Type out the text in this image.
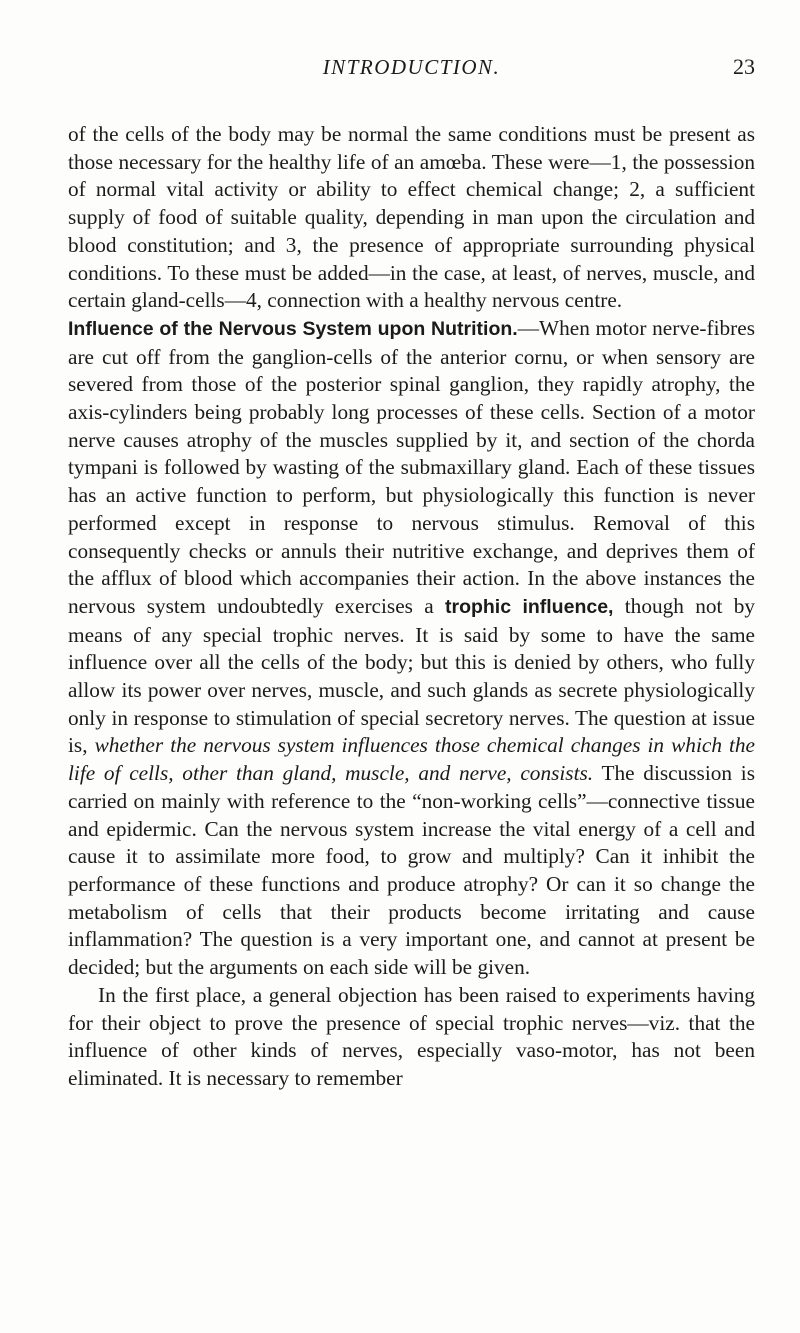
INTRODUCTION.	23

of the cells of the body may be normal the same conditions must be present as those necessary for the healthy life of an amœba. These were—1, the possession of normal vital activity or ability to effect chemical change; 2, a sufficient supply of food of suitable quality, depending in man upon the circulation and blood constitution; and 3, the presence of appropriate surrounding physical conditions. To these must be added—in the case, at least, of nerves, muscle, and certain gland-cells—4, connection with a healthy nervous centre.

Influence of the Nervous System upon Nutrition.—When motor nerve-fibres are cut off from the ganglion-cells of the anterior cornu, or when sensory are severed from those of the posterior spinal ganglion, they rapidly atrophy, the axis-cylinders being probably long processes of these cells. Section of a motor nerve causes atrophy of the muscles supplied by it, and section of the chorda tympani is followed by wasting of the submaxillary gland. Each of these tissues has an active function to perform, but physiologically this function is never performed except in response to nervous stimulus. Removal of this consequently checks or annuls their nutritive exchange, and deprives them of the afflux of blood which accompanies their action. In the above instances the nervous system undoubtedly exercises a trophic influence, though not by means of any special trophic nerves. It is said by some to have the same influence over all the cells of the body; but this is denied by others, who fully allow its power over nerves, muscle, and such glands as secrete physiologically only in response to stimulation of special secretory nerves. The question at issue is, whether the nervous system influences those chemical changes in which the life of cells, other than gland, muscle, and nerve, consists. The discussion is carried on mainly with reference to the “non-working cells”—connective tissue and epidermic. Can the nervous system increase the vital energy of a cell and cause it to assimilate more food, to grow and multiply? Can it inhibit the performance of these functions and produce atrophy? Or can it so change the metabolism of cells that their products become irritating and cause inflammation? The question is a very important one, and cannot at present be decided; but the arguments on each side will be given.

In the first place, a general objection has been raised to experiments having for their object to prove the presence of special trophic nerves—viz. that the influence of other kinds of nerves, especially vaso-motor, has not been eliminated. It is necessary to remember
